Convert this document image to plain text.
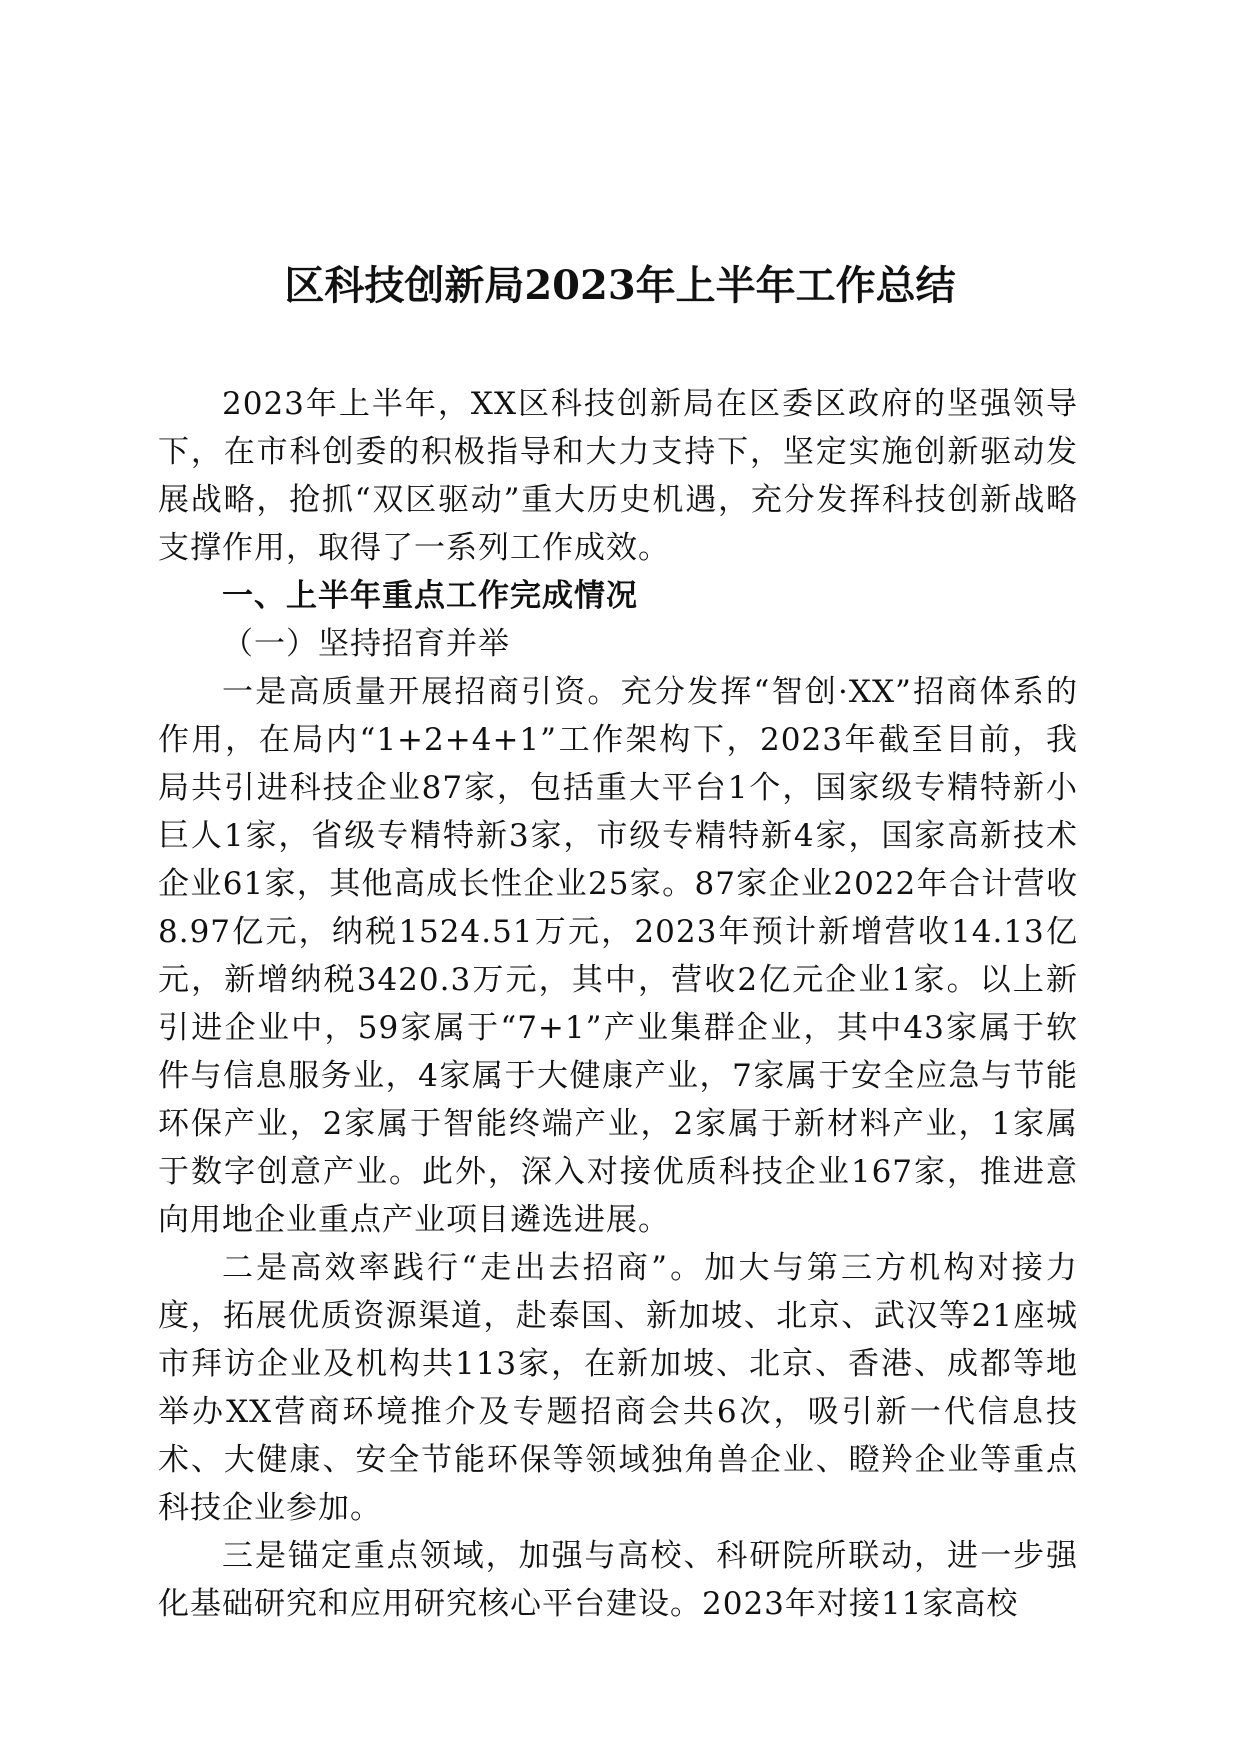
区科技创新局2023年上半年工作总结

2023年上半年，XX区科技创新局在区委区政府的坚强领导下，在市科创委的积极指导和大力支持下，坚定实施创新驱动发展战略，抢抓“双区驱动”重大历史机遇，充分发挥科技创新战略支撑作用，取得了一系列工作成效。

一、上半年重点工作完成情况

（一）坚持招育并举

一是高质量开展招商引资。充分发挥“智创·XX”招商体系的作用，在局内“1+2+4+1”工作架构下，2023年截至目前，我局共引进科技企业87家，包括重大平台1个，国家级专精特新小巨人1家，省级专精特新3家，市级专精特新4家，国家高新技术企业61家，其他高成长性企业25家。87家企业2022年合计营收8.97亿元，纳税1524.51万元，2023年预计新增营收14.13亿元，新增纳税3420.3万元，其中，营收2亿元企业1家。以上新引进企业中，59家属于“7+1”产业集群企业，其中43家属于软件与信息服务业，4家属于大健康产业，7家属于安全应急与节能环保产业，2家属于智能终端产业，2家属于新材料产业，1家属于数字创意产业。此外，深入对接优质科技企业167家，推进意向用地企业重点产业项目遴选进展。

二是高效率践行“走出去招商”。加大与第三方机构对接力度，拓展优质资源渠道，赴泰国、新加坡、北京、武汉等21座城市拜访企业及机构共113家，在新加坡、北京、香港、成都等地举办XX营商环境推介及专题招商会共6次，吸引新一代信息技术、大健康、安全节能环保等领域独角兽企业、瞪羚企业等重点科技企业参加。

三是锚定重点领域，加强与高校、科研院所联动，进一步强化基础研究和应用研究核心平台建设。2023年对接11家高校
